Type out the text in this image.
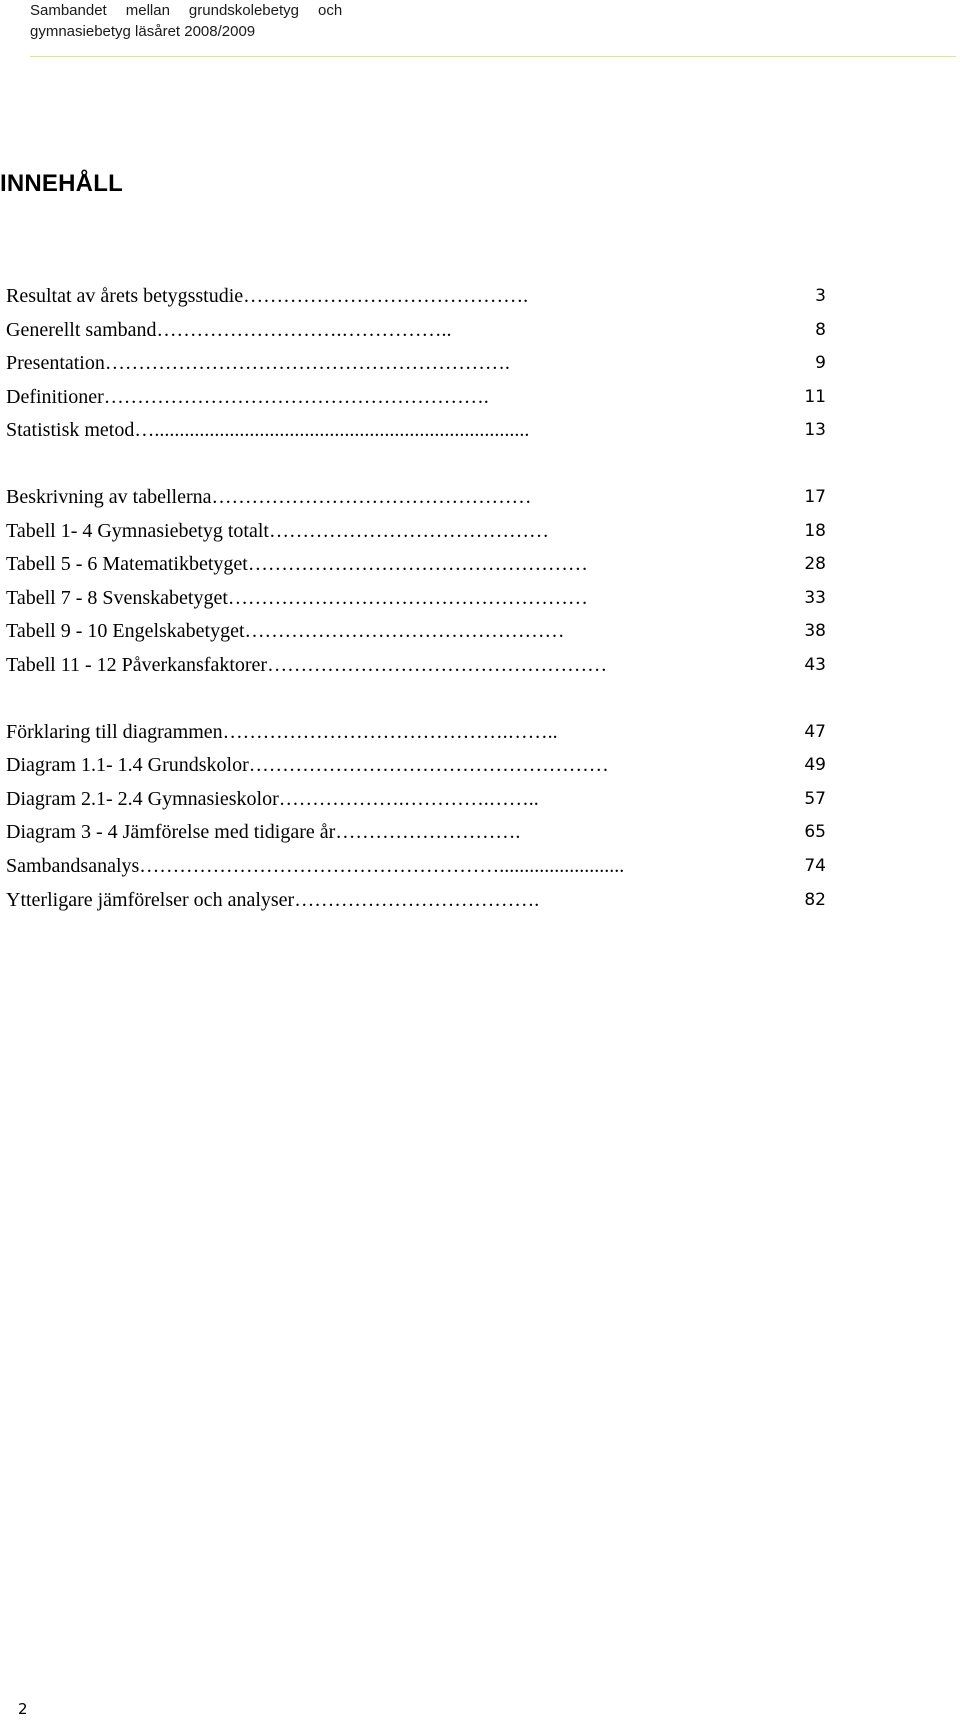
Sambandet mellan grundskolebetyg och
gymnasiebetyg läsåret 2008/2009
INNEHÅLL
Resultat av årets betygsstudie…………………………………….	3
Generellt samband……………………….……………..	8
Presentation…………………………………………………….	9
Definitioner………………………………………………….	11
Statistisk metod…...........................................................................	13
Beskrivning av tabellerna…………………………………………	17
Tabell 1- 4 Gymnasiebetyg totalt……………………………………	18
Tabell 5 - 6 Matematikbetyget……………………………………………	28
Tabell 7 - 8 Svenskabetyget………………………………………………	33
Tabell 9 - 10 Engelskabetyget…………………………………………	38
Tabell 11 - 12 Påverkansfaktorer……………………………………………	43
Förklaring till diagrammen…………………………………….……..	47
Diagram 1.1- 1.4 Grundskolor………………………………………………	49
Diagram 2.1- 2.4 Gymnasieskolor……………….………….……..	57
Diagram 3 - 4 Jämförelse med tidigare år……………………….	65
Sambandsanalys……………………………………………….........................	74
Ytterligare jämförelser och analyser……………………………….	82
2
